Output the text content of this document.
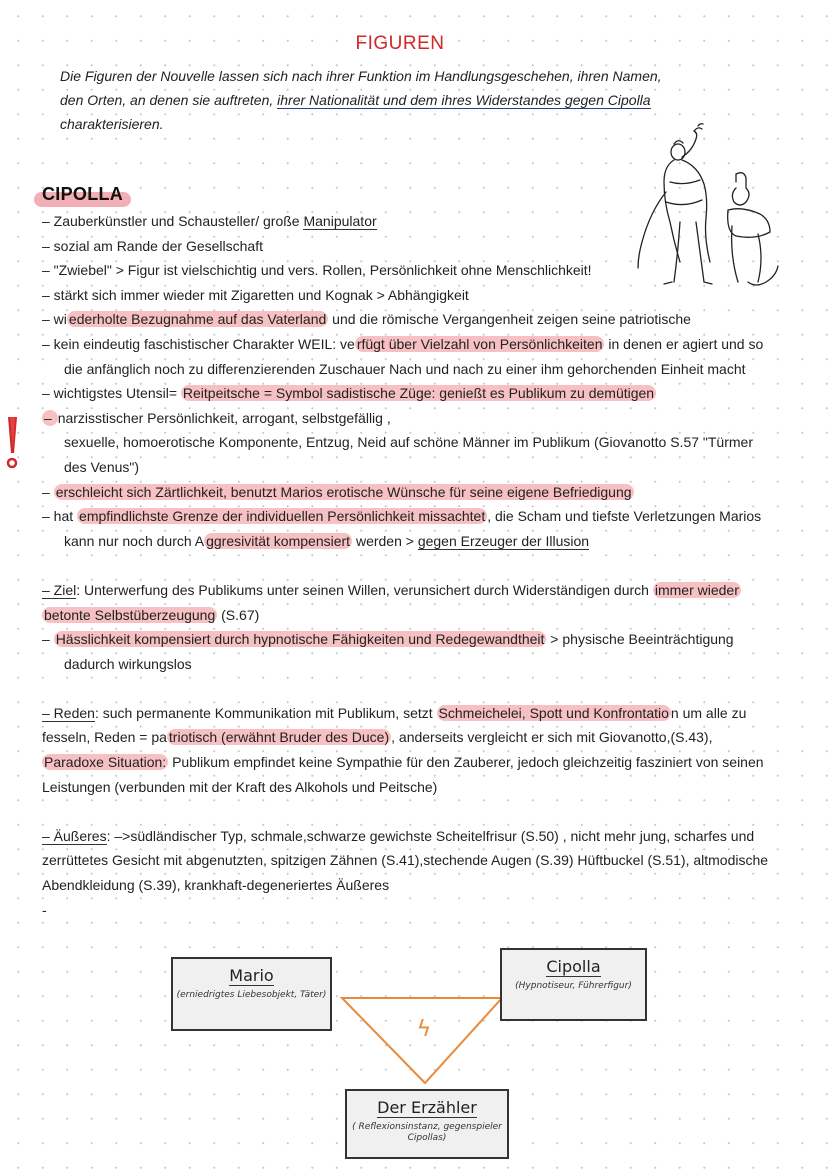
FIGUREN
Die Figuren der Nouvelle lassen sich nach ihrer Funktion im Handlungsgeschehen, ihren Namen,
den Orten, an denen sie auftreten, ihrer Nationalität und dem ihres Widerstandes gegen Cipolla
charakterisieren.
CIPOLLA
– Zauberkünstler und Schausteller/ große Manipulator
– sozial am Rande der Gesellschaft
– "Zwiebel" > Figur ist vielschichtig und vers. Rollen, Persönlichkeit ohne Menschlichkeit!
– stärkt sich immer wieder mit Zigaretten und Kognak > Abhängigkeit
– wi ederholte Bezugnahme auf das Vaterland und die römische Vergangenheit zeigen seine patriotische
– kein eindeutig faschistischer Charakter WEIL: ve rfügt über Vielzahl von Persönlichkeiten in denen er agiert und so
die anfänglich noch zu differenzierenden Zuschauer Nach und nach zu einer ihm gehorchenden Einheit macht
– wichtigstes Utensil= Reitpeitsche = Symbol sadistische Züge: genießt es Publikum zu demütigen
– narzisstischer Persönlichkeit, arrogant, selbstgefällig ,
sexuelle, homoerotische Komponente, Entzug, Neid auf schöne Männer im Publikum (Giovanotto S.57 "Türmer
des Venus")
– erschleicht sich Zärtlichkeit, benutzt Marios erotische Wünsche für seine eigene Befriedigung
– hat empfindlichste Grenze der individuellen Persönlichkeit missachtet , die Scham und tiefste Verletzungen Marios
kann nur noch durch A ggresivität kompensiert werden > gegen Erzeuger der Illusion
– Ziel: Unterwerfung des Publikums unter seinen Willen, verunsichert durch Widerständigen durch immer wieder
betonte Selbstüberzeugung (S.67)
– Hässlichkeit kompensiert durch hypnotische Fähigkeiten und Redegewandtheit > physische Beeinträchtigung
dadurch wirkungslos
– Reden: such permanente Kommunikation mit Publikum, setzt Schmeichelei, Spott und Konfrontatio n um alle zu
fesseln, Reden = pa triotisch (erwähnt Bruder des Duce) , anderseits vergleicht er sich mit Giovanotto,(S.43),
Paradoxe Situation: Publikum empfindet keine Sympathie für den Zauberer, jedoch gleichzeitig fasziniert von seinen
Leistungen (verbunden mit der Kraft des Alkohols und Peitsche)
– Äußeres: –>südländischer Typ, schmale,schwarze gewichste Scheitelfrisur (S.50) , nicht mehr jung, scharfes und
zerrüttetes Gesicht mit abgenutzten, spitzigen Zähnen (S.41),stechende Augen (S.39) Hüftbuckel (S.51), altmodische
Abendkleidung (S.39), krankhaft-degeneriertes Äußeres
-
ϟ
Mario
(erniedrigtes Liebesobjekt, Täter)
Cipolla
(Hypnotiseur, Führerfigur)
Der Erzähler
( Reflexionsinstanz, gegenspieler Cipollas)
